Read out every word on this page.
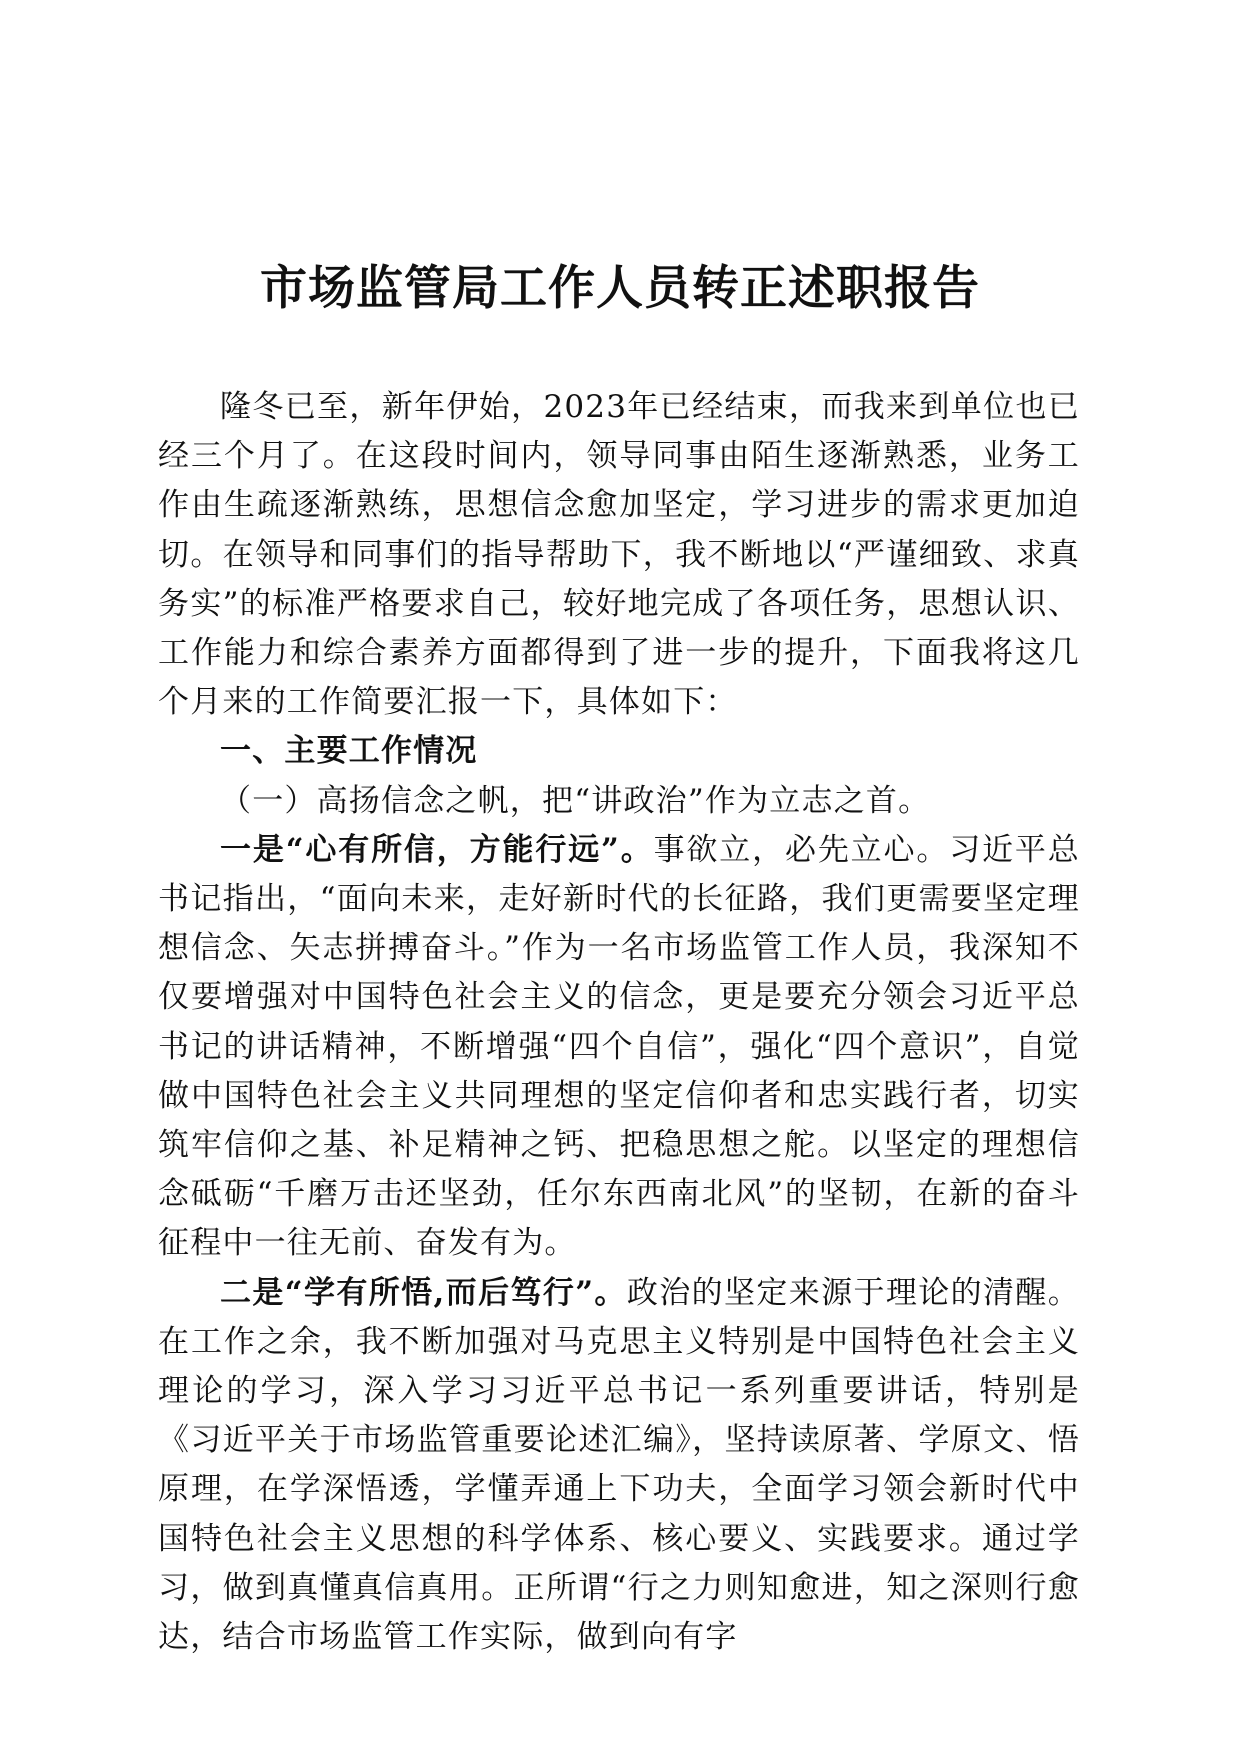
市场监管局工作人员转正述职报告

隆冬已至，新年伊始，2023年已经结束，而我来到单位也已经三个月了。在这段时间内，领导同事由陌生逐渐熟悉，业务工作由生疏逐渐熟练，思想信念愈加坚定，学习进步的需求更加迫切。在领导和同事们的指导帮助下，我不断地以“严谨细致、求真务实”的标准严格要求自己，较好地完成了各项任务，思想认识、工作能力和综合素养方面都得到了进一步的提升，下面我将这几个月来的工作简要汇报一下，具体如下：

一、主要工作情况

（一）高扬信念之帆，把“讲政治”作为立志之首。

一是“心有所信，方能行远”。事欲立，必先立心。习近平总书记指出，“面向未来，走好新时代的长征路，我们更需要坚定理想信念、矢志拼搏奋斗。”作为一名市场监管工作人员，我深知不仅要增强对中国特色社会主义的信念，更是要充分领会习近平总书记的讲话精神，不断增强“四个自信”，强化“四个意识”，自觉做中国特色社会主义共同理想的坚定信仰者和忠实践行者，切实筑牢信仰之基、补足精神之钙、把稳思想之舵。以坚定的理想信念砥砺“千磨万击还坚劲，任尔东西南北风”的坚韧，在新的奋斗征程中一往无前、奋发有为。

二是“学有所悟,而后笃行”。政治的坚定来源于理论的清醒。在工作之余，我不断加强对马克思主义特别是中国特色社会主义理论的学习，深入学习习近平总书记一系列重要讲话，特别是《习近平关于市场监管重要论述汇编》，坚持读原著、学原文、悟原理，在学深悟透，学懂弄通上下功夫，全面学习领会新时代中国特色社会主义思想的科学体系、核心要义、实践要求。通过学习，做到真懂真信真用。正所谓“行之力则知愈进，知之深则行愈达，结合市场监管工作实际，做到向有字
